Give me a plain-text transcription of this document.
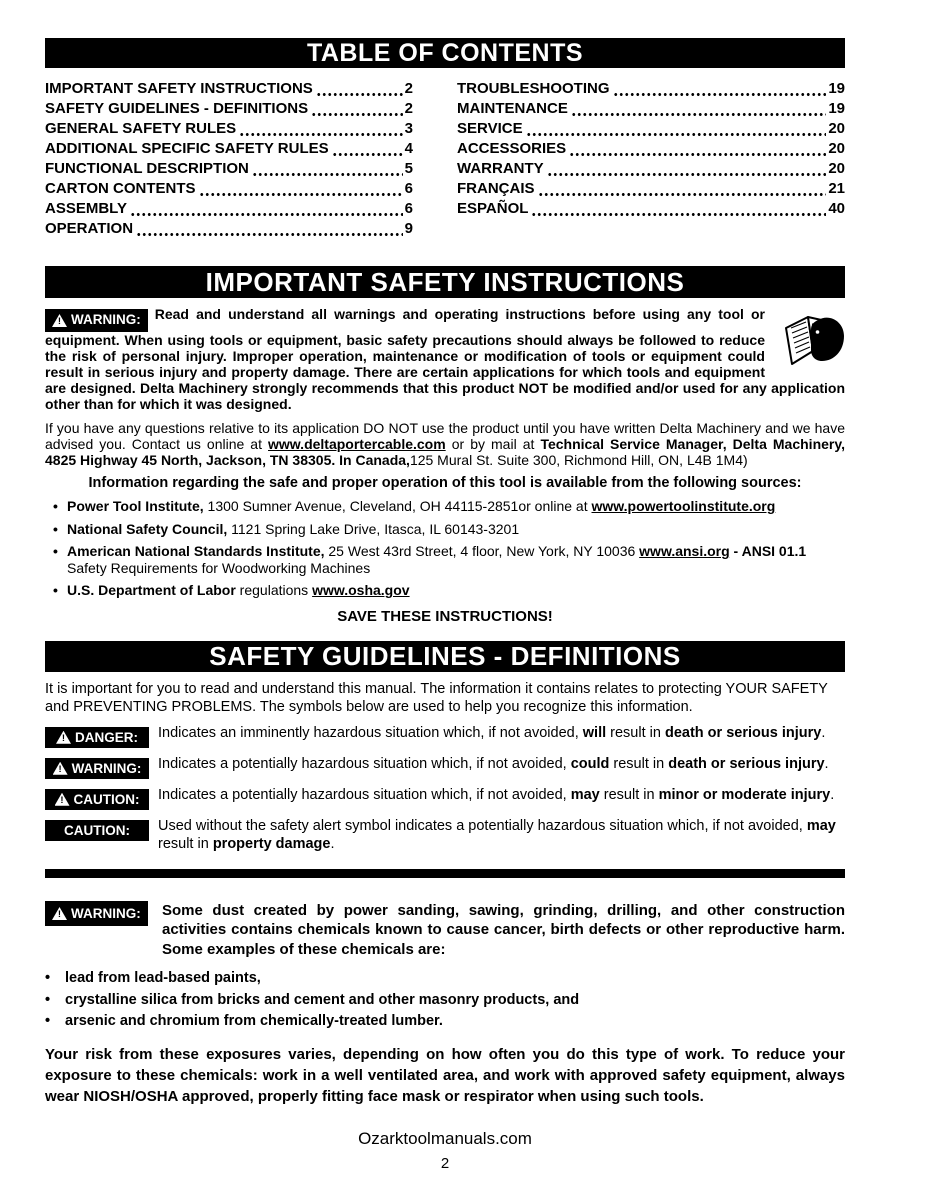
TABLE OF CONTENTS
IMPORTANT SAFETY INSTRUCTIONS	2
SAFETY GUIDELINES - DEFINITIONS	2
GENERAL SAFETY RULES	3
ADDITIONAL SPECIFIC SAFETY RULES	4
FUNCTIONAL DESCRIPTION	5
CARTON CONTENTS	6
ASSEMBLY	6
OPERATION	9
TROUBLESHOOTING	19
MAINTENANCE	19
SERVICE	20
ACCESSORIES	20
WARRANTY	20
FRANÇAIS	21
ESPAÑOL	40
IMPORTANT SAFETY INSTRUCTIONS
!
WARNING: Read and understand all warnings and operating instructions before using any tool or equipment. When using tools or equipment, basic safety precautions should always be followed to reduce the risk of personal injury. Improper operation, maintenance or modification of tools or equipment could result in serious injury and property damage. There are certain applications for which tools and equipment are designed. Delta Machinery strongly recommends that this product NOT be modified and/or used for any application other than for which it was designed.

If you have any questions relative to its application DO NOT use the product until you have written Delta Machinery and we have advised you. Contact us online at www.deltaportercable.com or by mail at Technical Service Manager, Delta Machinery, 4825 Highway 45 North, Jackson, TN 38305. In Canada,125 Mural St. Suite 300, Richmond Hill, ON, L4B 1M4)

Information regarding the safe and proper operation of this tool is available from the following sources:

• Power Tool Institute, 1300 Sumner Avenue, Cleveland, OH 44115-2851or online at www.powertoolinstitute.org
• National Safety Council, 1121 Spring Lake Drive, Itasca, IL 60143-3201
• American National Standards Institute, 25 West 43rd Street, 4 floor, New York, NY 10036 www.ansi.org - ANSI 01.1 Safety Requirements for Woodworking Machines
• U.S. Department of Labor regulations www.osha.gov

SAVE THESE INSTRUCTIONS!

SAFETY GUIDELINES - DEFINITIONS

It is important for you to read and understand this manual. The information it contains relates to protecting YOUR SAFETY and PREVENTING PROBLEMS. The symbols below are used to help you recognize this information.

!
DANGER: Indicates an imminently hazardous situation which, if not avoided, will result in death or serious injury.

!
WARNING: Indicates a potentially hazardous situation which, if not avoided, could result in death or serious injury.

!
CAUTION: Indicates a potentially hazardous situation which, if not avoided, may result in minor or moderate injury.

CAUTION: Used without the safety alert symbol indicates a potentially hazardous situation which, if not avoided, may result in property damage.

!
WARNING: Some dust created by power sanding, sawing, grinding, drilling, and other construction activities contains chemicals known to cause cancer, birth defects or other reproductive harm. Some examples of these chemicals are:
• lead from lead-based paints,
• crystalline silica from bricks and cement and other masonry products, and
• arsenic and chromium from chemically-treated lumber.

Your risk from these exposures varies, depending on how often you do this type of work. To reduce your exposure to these chemicals: work in a well ventilated area, and work with approved safety equipment, always wear NIOSH/OSHA approved, properly fitting face mask or respirator when using such tools.

Ozarktoolmanuals.com
2
